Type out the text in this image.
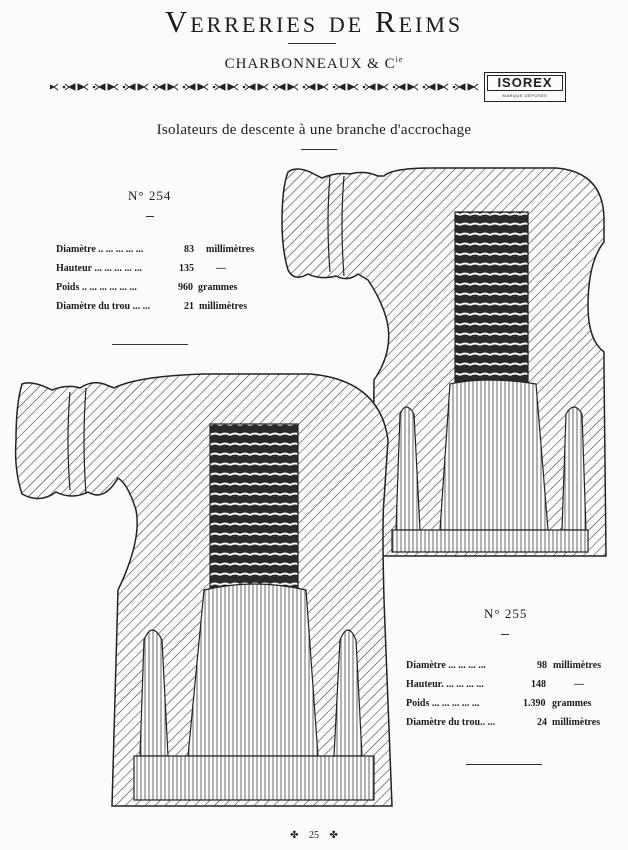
Verreries de Reims
CHARBONNEAUX & $C^{ie}$
ISOREX
MARQUE DÉPOSÉE
Isolateurs de descente à une branche d'accrochage
N° 254
Diamètre .. ... ... ... ...	83 millimètres
Hauteur ... ... ... ... ...	135 —
Poids .. ... ... ... ... ...	960 grammes
Diamètre du trou ... ...	21 millimètres
N° 255
Diamètre ... ... ... ...	98 millimètres
Hauteur. ... ... ... ...	148	—
Poids ... ... ... ... ...	1.390 grammes
Diamètre du trou.. ...	24 millimètres
✤ 25 ✤
